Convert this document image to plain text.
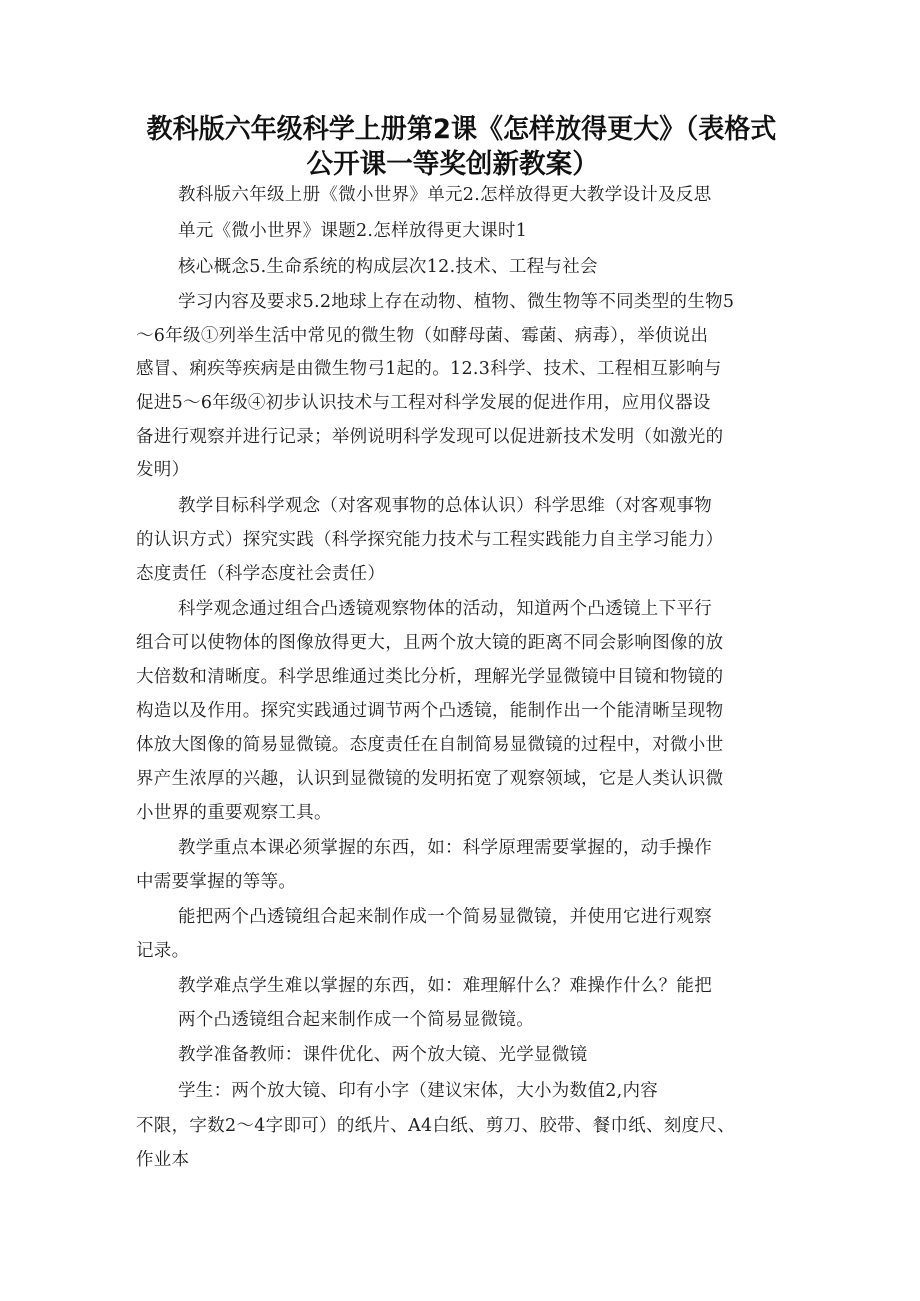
教科版六年级科学上册第2课《怎样放得更大》（表格式
公开课一等奖创新教案）
教科版六年级上册《微小世界》单元2.怎样放得更大教学设计及反思
单元《微小世界》课题2.怎样放得更大课时1
核心概念5.生命系统的构成层次12.技术、工程与社会
学习内容及要求5.2地球上存在动物、植物、微生物等不同类型的生物5
～6年级①列举生活中常见的微生物（如酵母菌、霉菌、病毒），举侦说出
感冒、痢疾等疾病是由微生物弓1起的。12.3科学、技术、工程相互影响与
促进5～6年级④初步认识技术与工程对科学发展的促进作用，应用仪器设
备进行观察并进行记录；举例说明科学发现可以促进新技术发明（如激光的
发明）
教学目标科学观念（对客观事物的总体认识）科学思维（对客观事物
的认识方式）探究实践（科学探究能力技术与工程实践能力自主学习能力）
态度责任（科学态度社会责任）
科学观念通过组合凸透镜观察物体的活动，知道两个凸透镜上下平行
组合可以使物体的图像放得更大，且两个放大镜的距离不同会影响图像的放
大倍数和清晰度。科学思维通过类比分析，理解光学显微镜中目镜和物镜的
构造以及作用。探究实践通过调节两个凸透镜，能制作出一个能清晰呈现物
体放大图像的简易显微镜。态度责任在自制简易显微镜的过程中，对微小世
界产生浓厚的兴趣，认识到显微镜的发明拓宽了观察领域，它是人类认识微
小世界的重要观察工具。
教学重点本课必须掌握的东西，如：科学原理需要掌握的，动手操作
中需要掌握的等等。
能把两个凸透镜组合起来制作成一个简易显微镜，并使用它进行观察
记录。
教学难点学生难以掌握的东西，如：难理解什么？难操作什么？能把
两个凸透镜组合起来制作成一个简易显微镜。
教学准备教师：课件优化、两个放大镜、光学显微镜
学生：两个放大镜、印有小字（建议宋体，大小为数值2,内容
不限，字数2～4字即可）的纸片、A4白纸、剪刀、胶带、餐巾纸、刻度尺、
作业本
